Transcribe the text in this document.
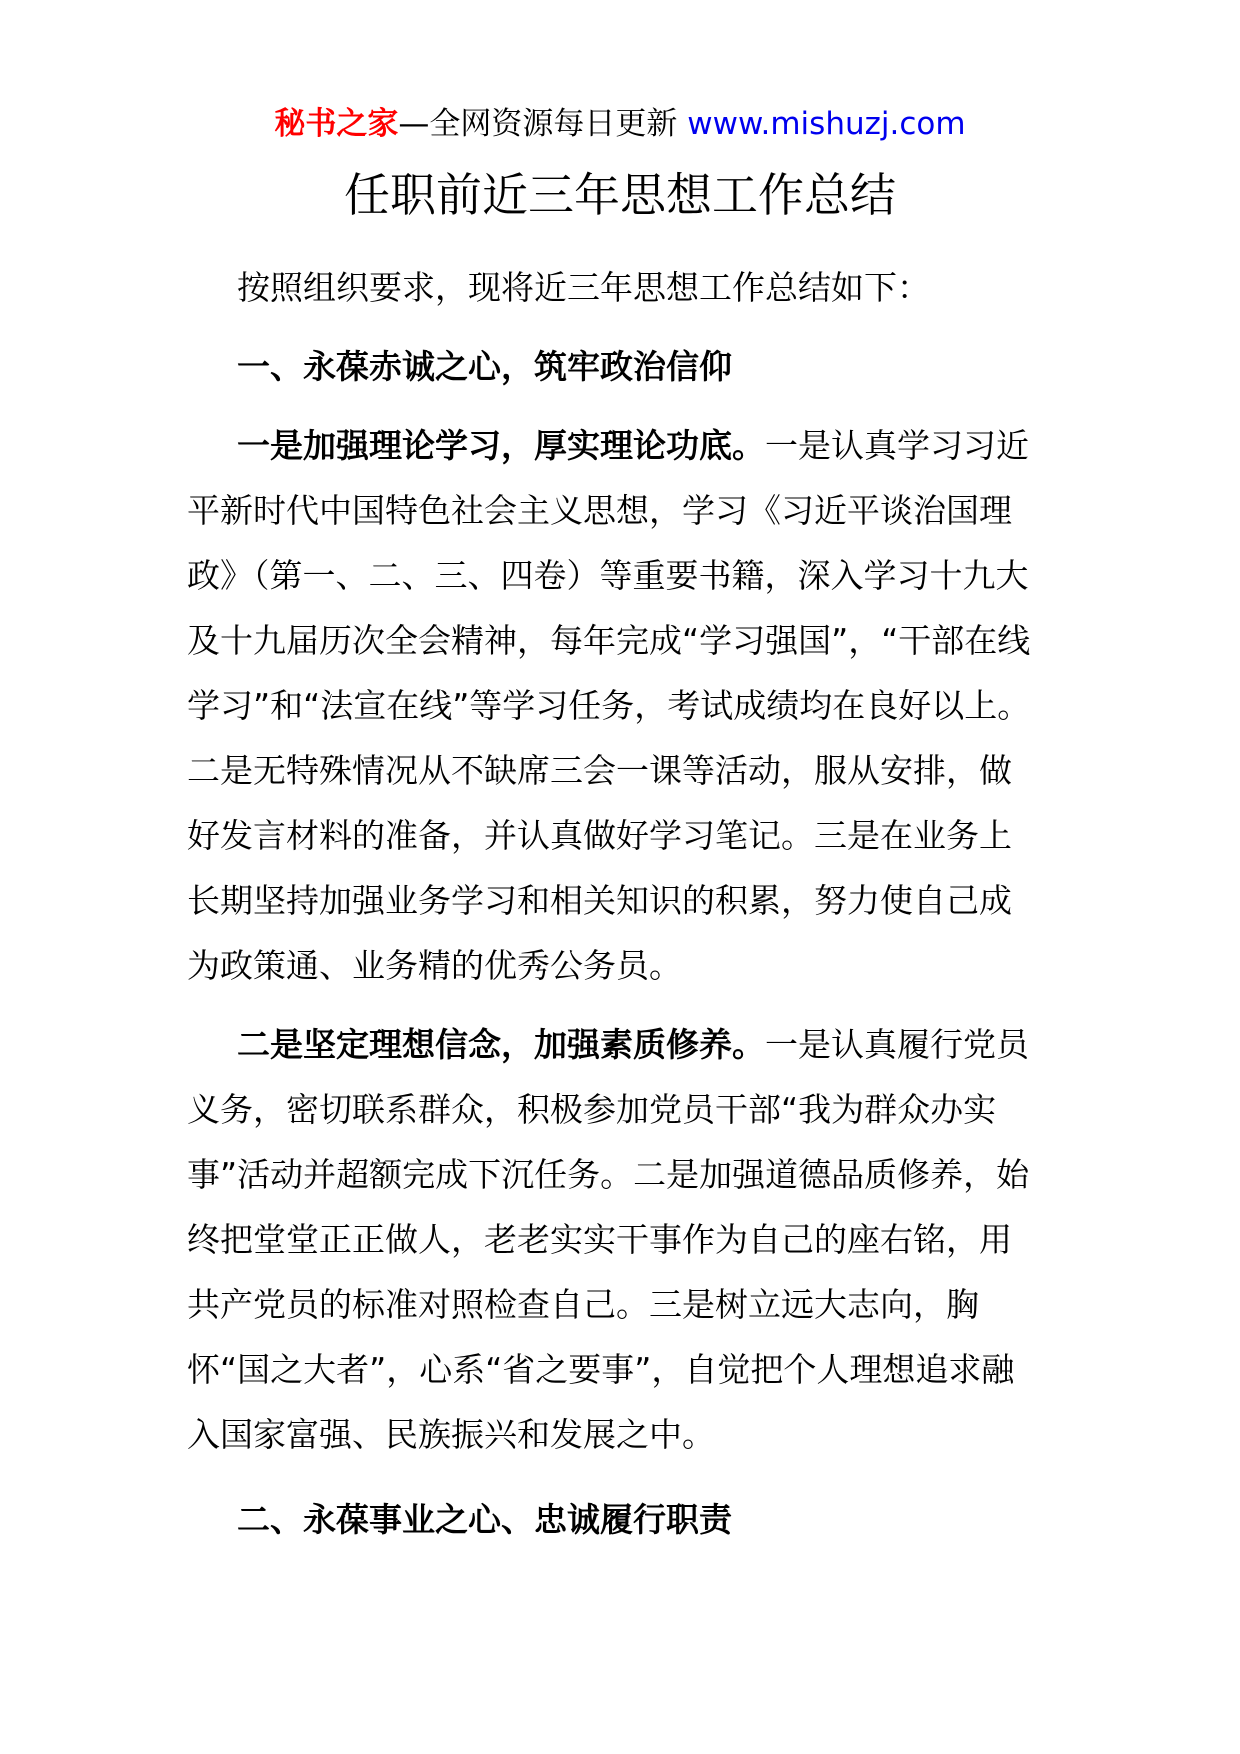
秘书之家—全网资源每日更新 www.mishuzj.com
任职前近三年思想工作总结

按照组织要求，现将近三年思想工作总结如下：

一、永葆赤诚之心，筑牢政治信仰

一是加强理论学习，厚实理论功底。一是认真学习习近平新时代中国特色社会主义思想，学习《习近平谈治国理政》（第一、二、三、四卷）等重要书籍，深入学习十九大及十九届历次全会精神，每年完成“学习强国”，“干部在线学习”和“法宣在线”等学习任务，考试成绩均在良好以上。二是无特殊情况从不缺席三会一课等活动，服从安排，做好发言材料的准备，并认真做好学习笔记。三是在业务上长期坚持加强业务学习和相关知识的积累，努力使自己成为政策通、业务精的优秀公务员。

二是坚定理想信念，加强素质修养。一是认真履行党员义务，密切联系群众，积极参加党员干部“我为群众办实事”活动并超额完成下沉任务。二是加强道德品质修养，始终把堂堂正正做人，老老实实干事作为自己的座右铭，用共产党员的标准对照检查自己。三是树立远大志向，胸怀“国之大者”，心系“省之要事”，自觉把个人理想追求融入国家富强、民族振兴和发展之中。

二、永葆事业之心、忠诚履行职责
